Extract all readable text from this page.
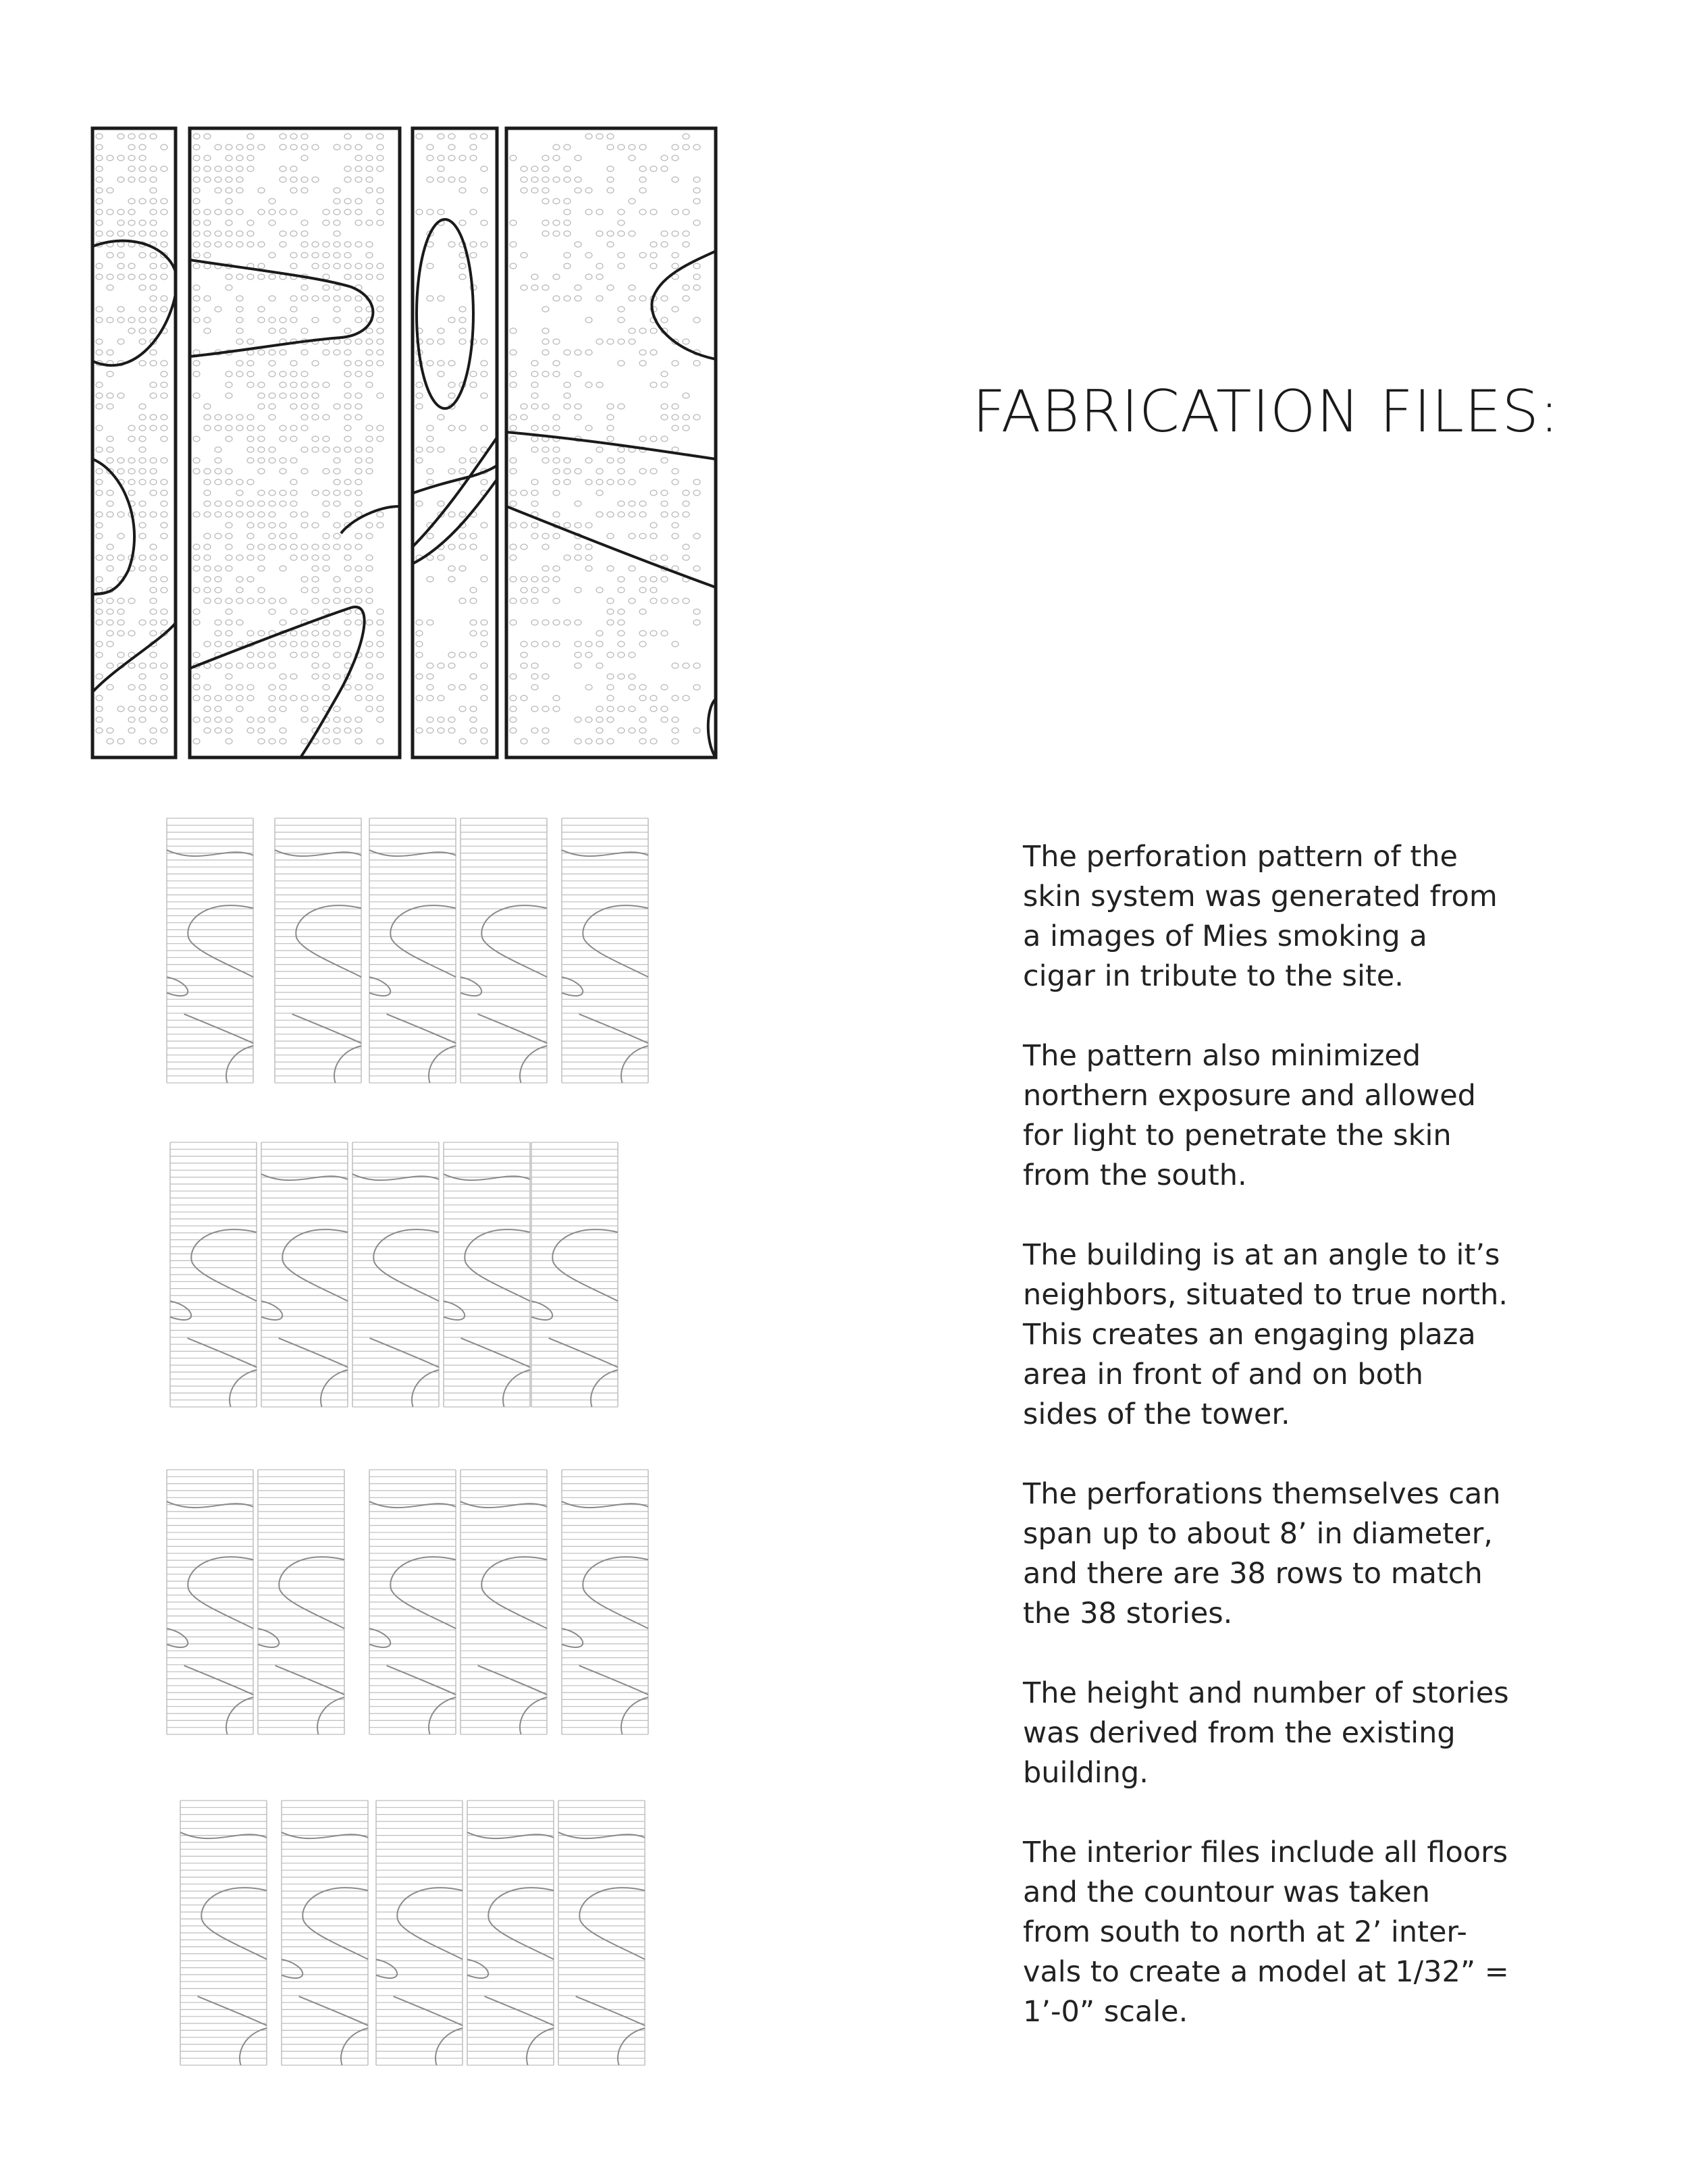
FABRICATION FILES:
The perforation pattern of the
skin system was generated from
a images of Mies smoking a
cigar in tribute to the site.
The pattern also minimized
northern exposure and allowed
for light to penetrate the skin
from the south.
The building is at an angle to it’s
neighbors, situated to true north.
This creates an engaging plaza
area in front of and on both
sides of the tower.
The perforations themselves can
span up to about 8’ in diameter,
and there are 38 rows to match
the 38 stories.
The height and number of stories
was derived from the existing
building.
The interior files include all floors
and the countour was taken
from south to north at 2’ inter-
vals to create a model at 1/32” =
1’-0” scale.
